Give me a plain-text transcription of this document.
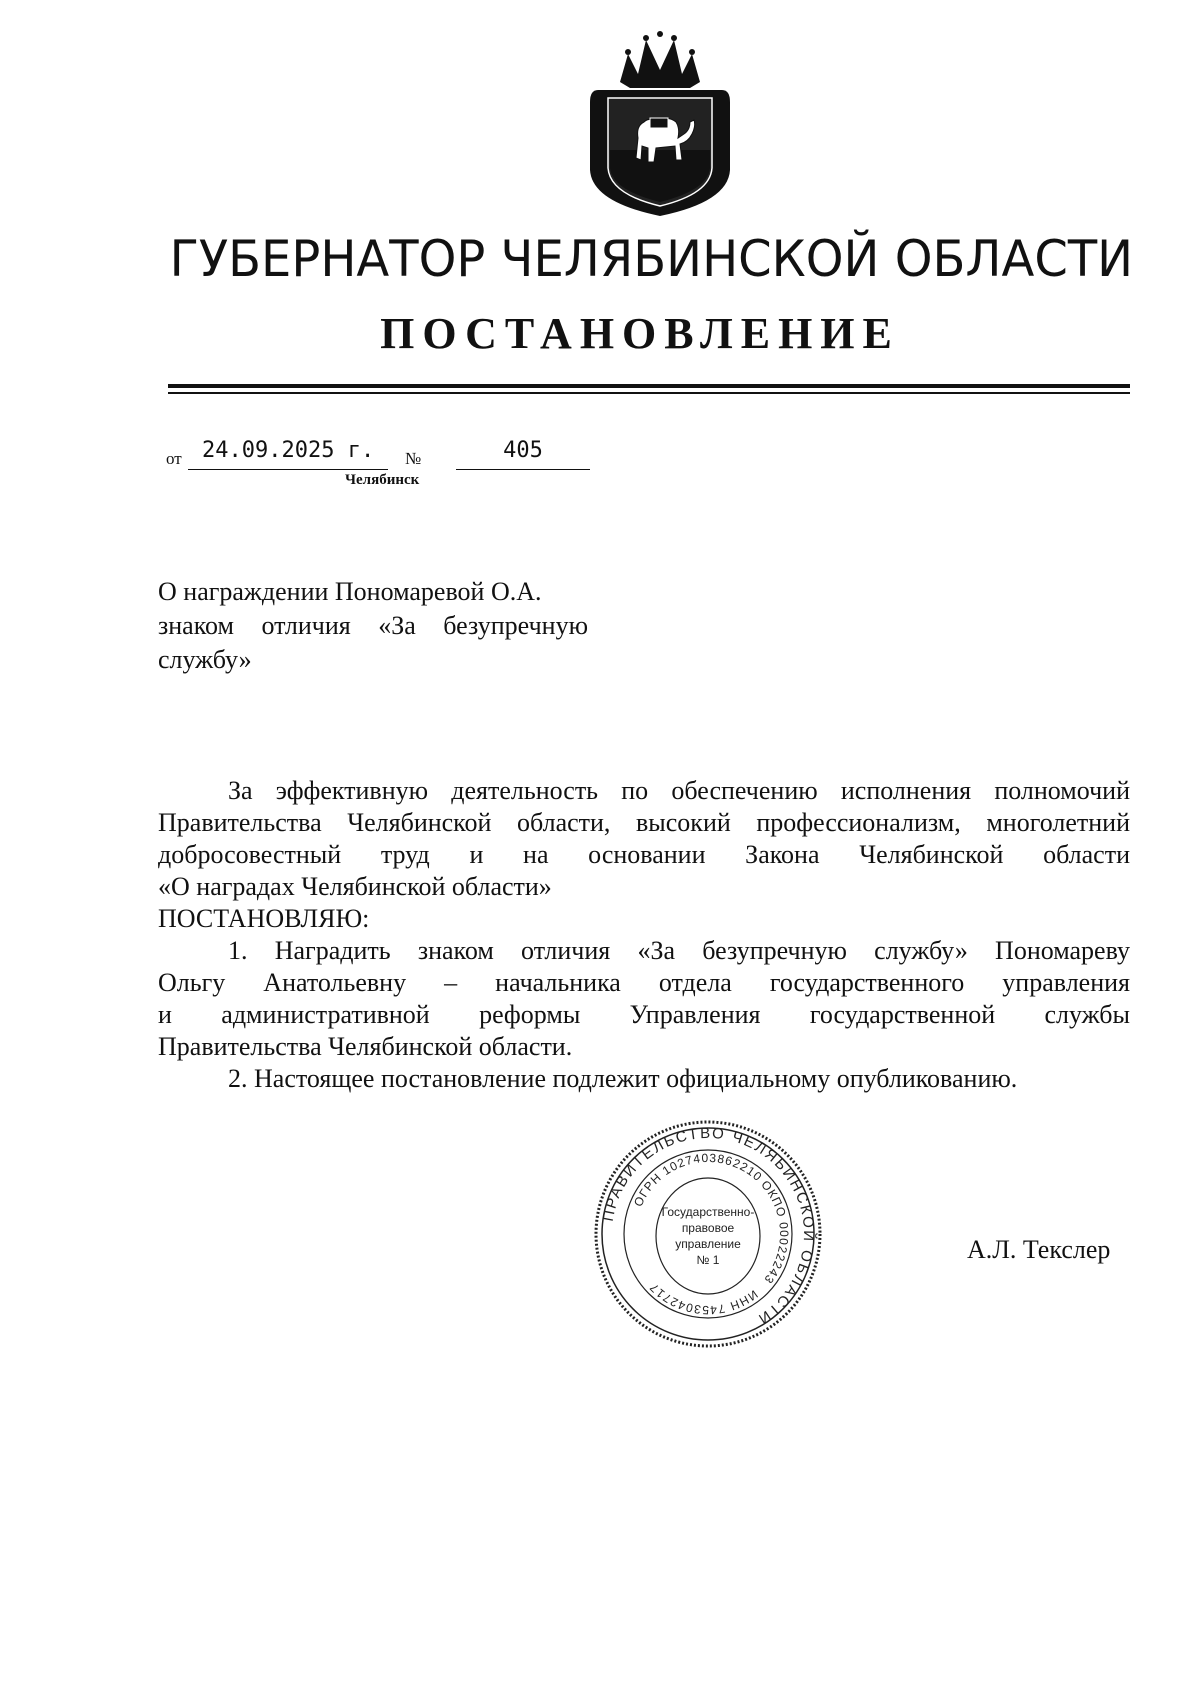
ГУБЕРНАТОР ЧЕЛЯБИНСКОЙ ОБЛАСТИ
ПОСТАНОВЛЕНИЕ
от 24.09.2025 г.	№	405
Челябинск
О награждении Пономаревой О.А.
знаком отличия «За безупречную
службу»
За эффективную деятельность по обеспечению исполнения полномочий
Правительства Челябинской области, высокий профессионализм, многолетний
добросовестный труд и на основании Закона Челябинской области
«О наградах Челябинской области»
ПОСТАНОВЛЯЮ:
1. Наградить знаком отличия «За безупречную службу» Пономареву
Ольгу Анатольевну – начальника отдела государственного управления
и административной реформы Управления государственной службы
Правительства Челябинской области.
2. Настоящее постановление подлежит официальному опубликованию.
ПРАВИТЕЛЬСТВО ЧЕЛЯБИНСКОЙ ОБЛАСТИ
ОГРН 1027403862210
ОКПО 00022243
ИНН 7453042717
Государственно-
правовое
управление
№ 1	А.Л. Текслер
